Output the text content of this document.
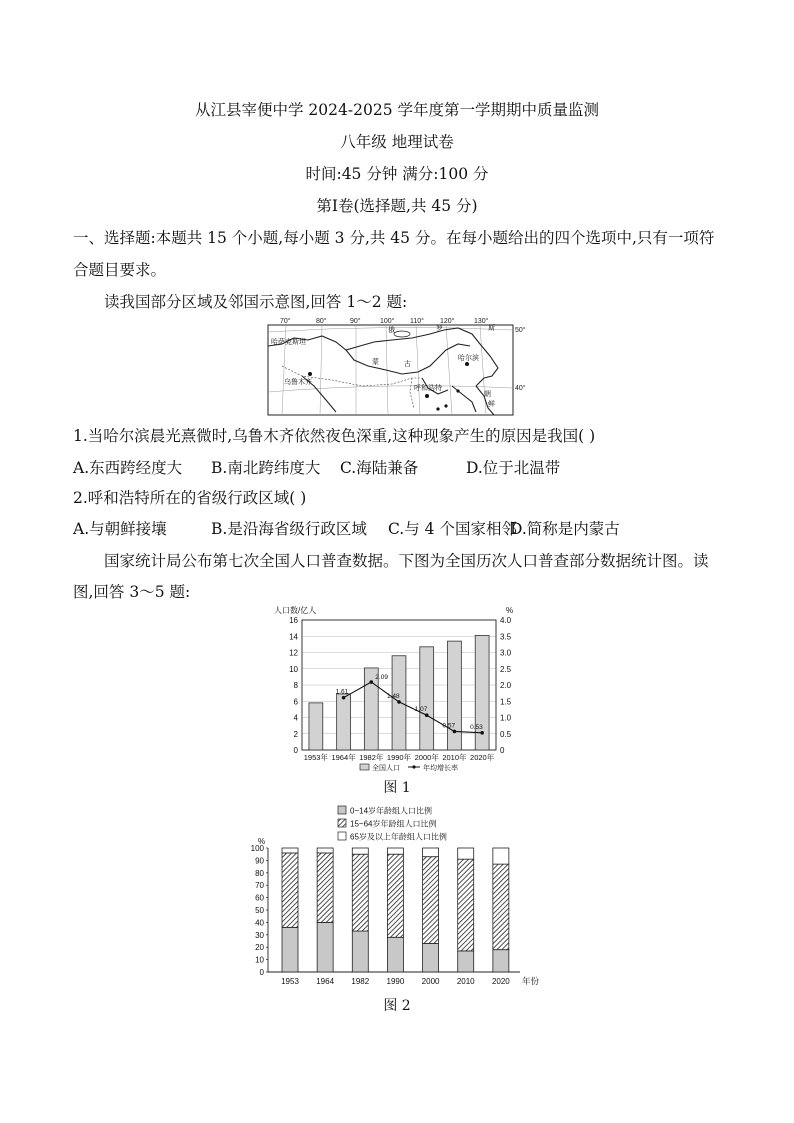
从江县宰便中学 2024-2025 学年度第一学期期中质量监测
八年级 地理试卷
时间:45 分钟 满分:100 分
第Ⅰ卷(选择题,共 45 分)
一、选择题:本题共 15 个小题,每小题 3 分,共 45 分。在每小题给出的四个选项中,只有一项符
合题目要求。
读我国部分区域及邻国示意图,回答 1～2 题:
70°	80°	90°	100° 110° 120°	130°
50°
40°
哈萨克斯坦
俄	罗	斯
蒙	古
乌鲁木齐
哈尔滨
呼和浩特
朝
鲜
1.当哈尔滨晨光熹微时,乌鲁木齐依然夜色深重,这种现象产生的原因是我国( )
A.东西跨经度大 B.南北跨纬度大 C.海陆兼备	D.位于北温带
2.呼和浩特所在的省级行政区域( )
A.与朝鲜接壤	B.是沿海省级行政区域 C.与 4 个国家相邻
D.简称是内蒙古
国家统计局公布第七次全国人口普查数据。下图为全国历次人口普查部分数据统计图。读
图,回答 3～5 题:
人口数/亿人	%
1.61
2.09
1.48
1.07
0.57 0.53
0
2
4
6
8
10
12
14
16
0
0.5
1.0
1.5
2.0
2.5
3.0
3.5
4.0
1953年 1964年 1982年 1990年 2000年 2010年 2020年
全国人口	年均增长率
图 1
0~14岁年龄组人口比例
15~64岁年龄组人口比例
65岁及以上年龄组人口比例
%
0
10
20
30
40
50
60
70
80
90
100
1953 1964 1982 1990 2000 2010 2020 年份
图 2
